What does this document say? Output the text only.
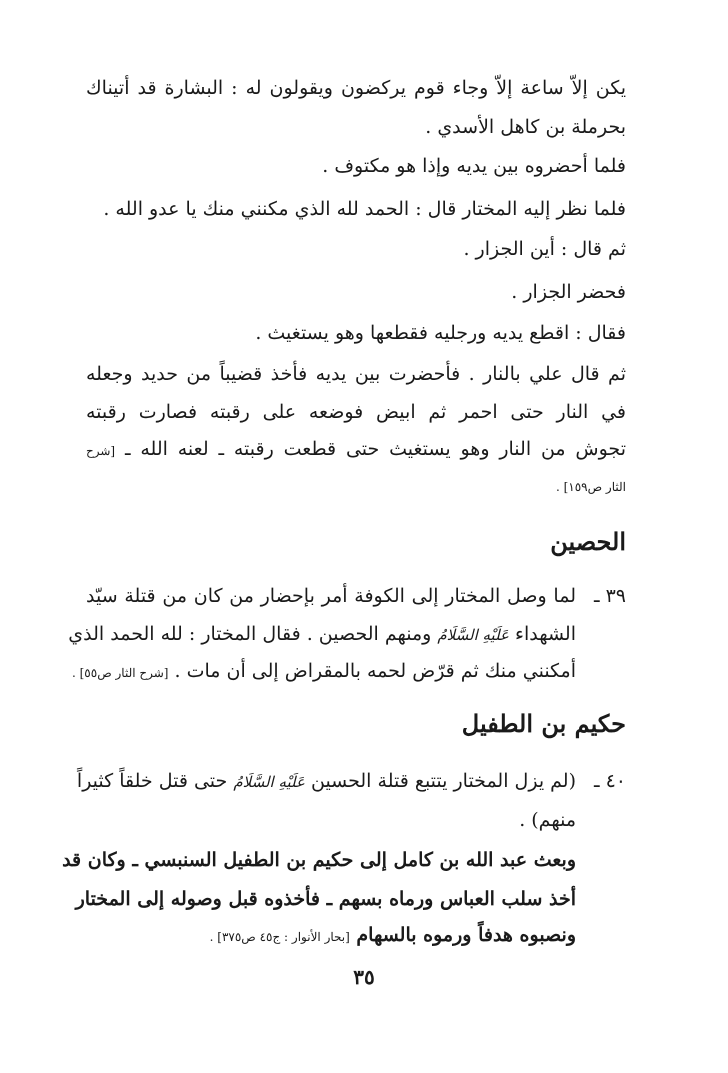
يكن إلاّ ساعة إلاّ وجاء قوم يركضون ويقولون له : البشارة قد أتيناك
بحرملة بن كاهل الأسدي .
فلما أحضروه بين يديه وإذا هو مكتوف .
فلما نظر إليه المختار قال : الحمد لله الذي مكنني منك يا عدو الله .
ثم قال : أين الجزار .
فحضر الجزار .
فقال : اقطع يديه ورجليه فقطعها وهو يستغيث .
ثم قال علي بالنار . فأحضرت بين يديه فأخذ قضيباً من حديد وجعله
في النار حتى احمر ثم ابيض فوضعه على رقبته فصارت رقبته
تجوش من النار وهو يستغيث حتى قطعت رقبته ـ لعنه الله ـ [شرح
الثار ص١٥٩] .
الحصين
٣٩ ـ
لما وصل المختار إلى الكوفة أمر بإحضار من كان من قتلة سيّد
الشهداء عَلَيْهِ السَّلَامُ ومنهم الحصين . فقال المختار : لله الحمد الذي
أمكنني منك ثم قرّض لحمه بالمقراض إلى أن مات . [شرح الثار ص٥٥] .
حكيم بن الطفيل
٤٠ ـ
(لم يزل المختار يتتبع قتلة الحسين عَلَيْهِ السَّلَامُ حتى قتل خلقاً كثيراً
منهم) .
وبعث عبد الله بن كامل إلى حكيم بن الطفيل السنبسي ـ وكان قد
أخذ سلب العباس ورماه بسهم ـ فأخذوه قبل وصوله إلى المختار
ونصبوه هدفاً ورموه بالسهام [بحار الأنوار : ج٤٥ ص٣٧٥] .
٣٥
